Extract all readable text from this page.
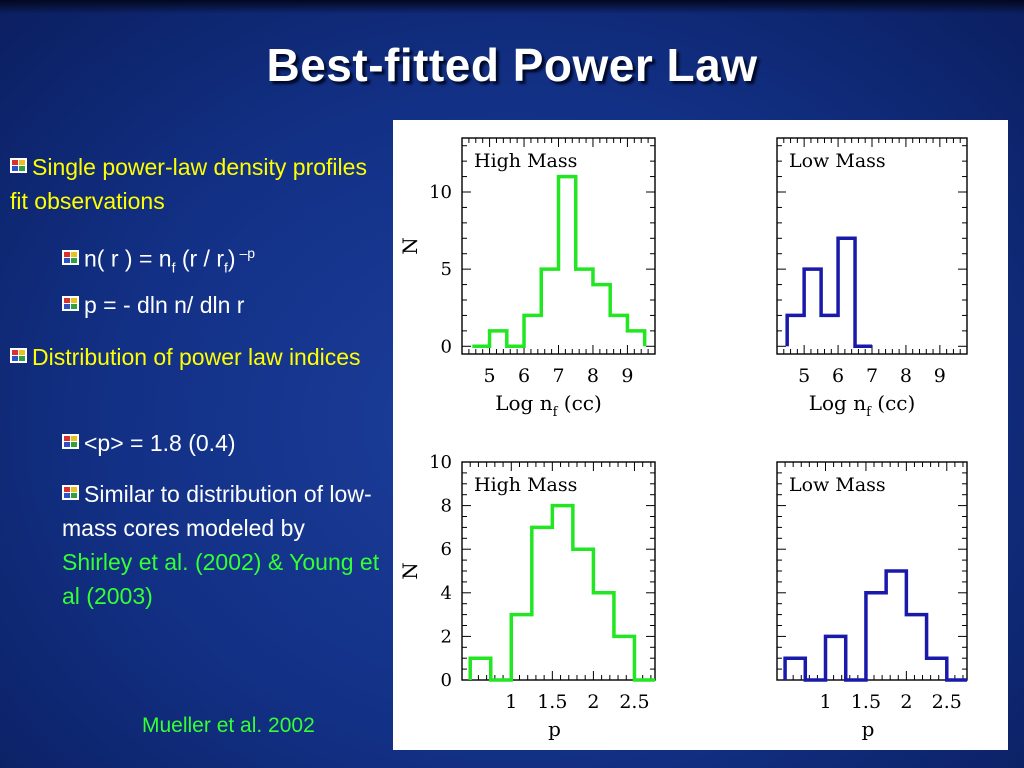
Best-fitted Power Law
Single power-law density profiles fit observations
n( r ) = $n_f$ $(r / r_f)$ $^{-p}$
p = - dln n/ dln r
Distribution of power law indices
<p> = 1.8 (0.4)
Similar to distribution of low-mass cores modeled by Shirley et al. (2002) & Young et al (2003)
Mueller et al. 2002
5 6 7 8 9
0
5
10
High Mass
Log $n_f$ (cc)
N
5 6 7 8 9
Low Mass
Log $n_f$ (cc)
1 1.5 2 2.5
0
2
4
6
8
10
High Mass
p
N
1 1.5 2 2.5
Low Mass
p
